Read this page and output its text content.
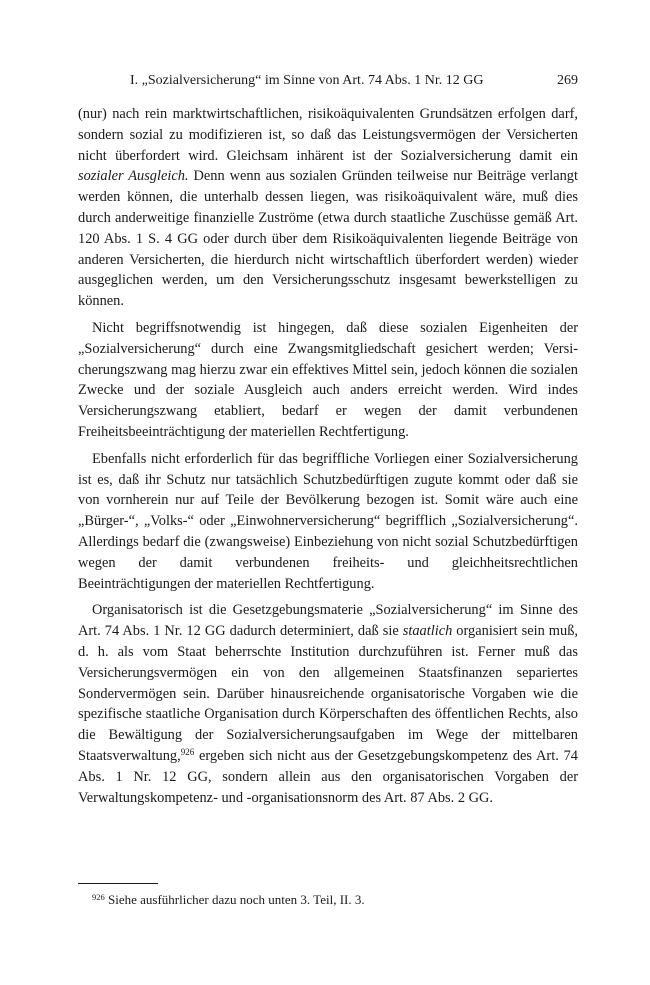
I. „Sozialversicherung“ im Sinne von Art. 74 Abs. 1 Nr. 12 GG	269

(nur) nach rein marktwirtschaftlichen, risikoäquivalenten Grundsätzen erfolgen darf, sondern sozial zu modifizieren ist, so daß das Leistungsvermögen der Versicherten nicht überfordert wird. Gleichsam inhärent ist der Sozialversicherung damit ein sozialer Ausgleich. Denn wenn aus sozialen Gründen teilweise nur Beiträge verlangt werden können, die unterhalb dessen liegen, was risikoäquivalent wäre, muß dies durch anderweitige finanzielle Zuströme (etwa durch staatliche Zuschüsse gemäß Art. 120 Abs. 1 S. 4 GG oder durch über dem Risikoäquivalenten liegende Beiträge von anderen Versicherten, die hierdurch nicht wirtschaftlich überfordert werden) wieder ausgeglichen werden, um den Versicherungsschutz insgesamt bewerkstelligen zu können.

Nicht begriffsnotwendig ist hingegen, daß diese sozialen Eigenheiten der „Sozialversicherung“ durch eine Zwangsmitgliedschaft gesichert werden; Versicherungszwang mag hierzu zwar ein effektives Mittel sein, jedoch können die sozialen Zwecke und der soziale Ausgleich auch anders erreicht werden. Wird indes Versicherungszwang etabliert, bedarf er wegen der damit verbundenen Freiheitsbeeinträchtigung der materiellen Rechtfertigung.

Ebenfalls nicht erforderlich für das begriffliche Vorliegen einer Sozialversicherung ist es, daß ihr Schutz nur tatsächlich Schutzbedürftigen zugute kommt oder daß sie von vornherein nur auf Teile der Bevölkerung bezogen ist. Somit wäre auch eine „Bürger-“, „Volks-“ oder „Einwohnerversicherung“ begrifflich „Sozialversicherung“. Allerdings bedarf die (zwangsweise) Einbeziehung von nicht sozial Schutzbedürftigen wegen der damit verbundenen freiheits- und gleichheitsrechtlichen Beeinträchtigungen der materiellen Rechtfertigung.

Organisatorisch ist die Gesetzgebungsmaterie „Sozialversicherung“ im Sinne des Art. 74 Abs. 1 Nr. 12 GG dadurch determiniert, daß sie staatlich organisiert sein muß, d. h. als vom Staat beherrschte Institution durchzuführen ist. Ferner muß das Versicherungsvermögen ein von den allgemeinen Staatsfinanzen separiertes Sondervermögen sein. Darüber hinausreichende organisatorische Vorgaben wie die spezifische staatliche Organisation durch Körperschaften des öffentlichen Rechts, also die Bewältigung der Sozialversicherungsaufgaben im Wege der mittelbaren Staatsverwaltung,$^{926}$ ergeben sich nicht aus der Gesetzgebungskompetenz des Art. 74 Abs. 1 Nr. 12 GG, sondern allein aus den organisatorischen Vorgaben der Verwaltungskompetenz- und -organisationsnorm des Art. 87 Abs. 2 GG.

$^{926}$ Siehe ausführlicher dazu noch unten 3. Teil, II. 3.
